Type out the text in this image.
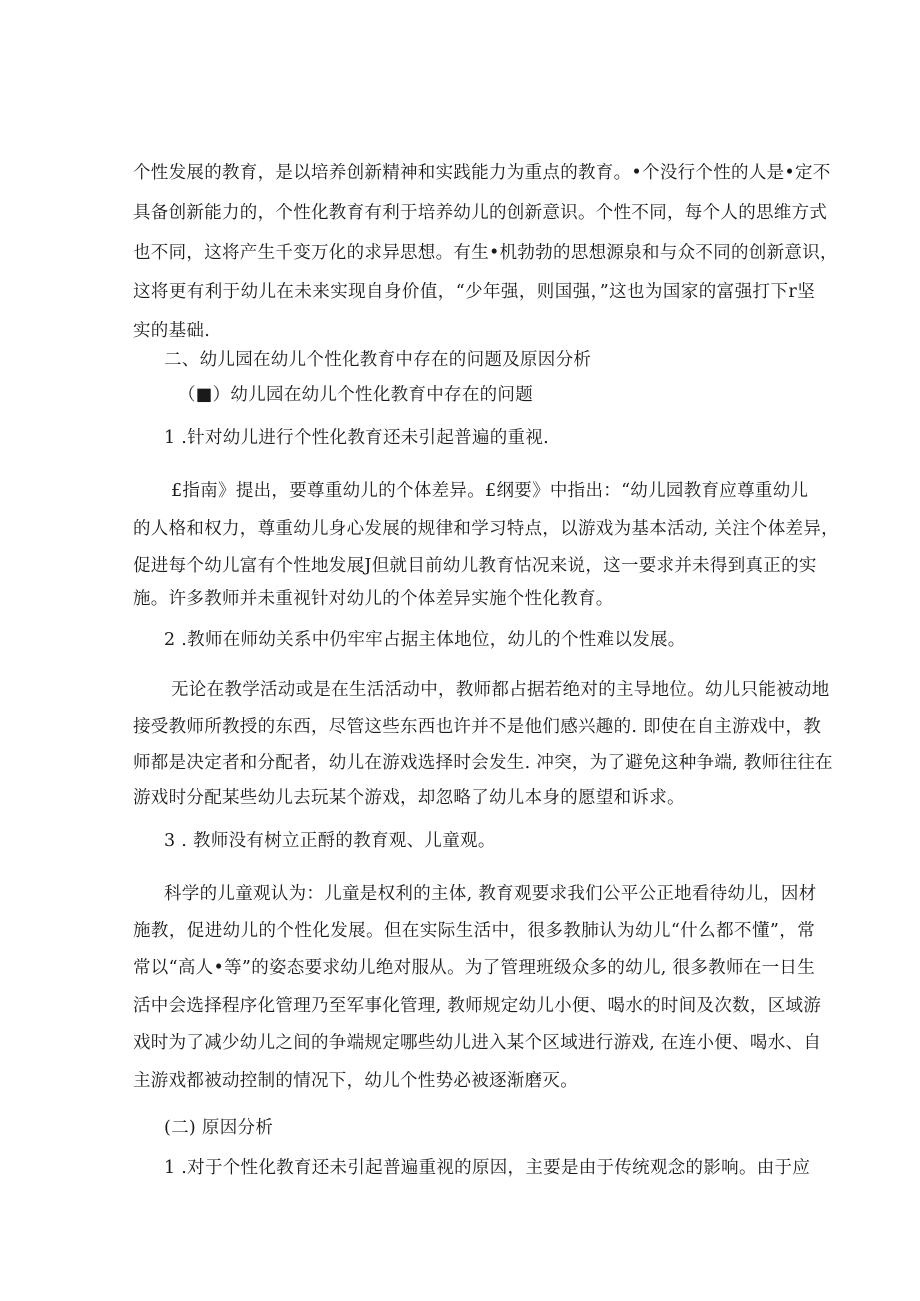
个性发展的教育，是以培养创新精神和实践能力为重点的教育。•个没行个性的人是•定不
具备创新能力的，个性化教育有利于培养幼儿的创新意识。个性不同，每个人的思维方式
也不同，这将产生千变万化的求异思想。有生•机勃勃的思想源泉和与众不同的创新意识，
这将更有利于幼儿在未来实现自身价值，“少年强，则国强，”这也为国家的富强打下r坚
实的基础.
二、幼儿园在幼儿个性化教育中存在的问题及原因分析
（■）幼儿园在幼儿个性化教育中存在的问题
1 .针对幼儿进行个性化教育还未引起普遍的重视.
£指南》提出，要尊重幼儿的个体差异。£纲要》中指出：“幼儿园教育应尊重幼儿
的人格和权力，尊重幼儿身心发展的规律和学习特点，以游戏为基本活动, 关注个体差异，
促进每个幼儿富有个性地发展J但就目前幼儿教育怙况来说，这一要求并未得到真正的实
施。许多教师并未重视针对幼儿的个体差异实施个性化教育。
2 .教师在师幼关系中仍牢牢占据主体地位，幼儿的个性难以发展。
无论在教学活动或是在生活活动中，教师都占据若绝对的主导地位。幼儿只能被动地
接受教师所教授的东西，尽管这些东西也许并不是他们感兴趣的. 即使在自主游戏中，教
师都是决定者和分配者，幼儿在游戏选择时会发生. 冲突，为了避免这种争端, 教师往往在
游戏时分配某些幼儿去玩某个游戏，却忽略了幼儿本身的愿望和诉求。
3 . 教师没有树立正酹的教育观、儿童观。
科学的儿童观认为：儿童是权利的主体, 教育观要求我们公平公正地看待幼儿，因材
施教，促进幼儿的个性化发展。但在实际生活中，很多教肺认为幼儿“什么都不懂”，常
常以“高人•等”的姿态要求幼儿绝对服从。为了管理班级众多的幼儿, 很多教师在一日生
活中会选择程序化管理乃至军事化管理, 教师规定幼儿小便、喝水的时间及次数，区域游
戏时为了减少幼儿之间的争端规定哪些幼儿进入某个区域进行游戏, 在连小便、喝水、自
主游戏都被动控制的情况下，幼儿个性势必被逐渐磨灭。
(二) 原因分析
1 .对于个性化教育还未引起普遍重视的原因，主要是由于传统观念的影响。由于应
